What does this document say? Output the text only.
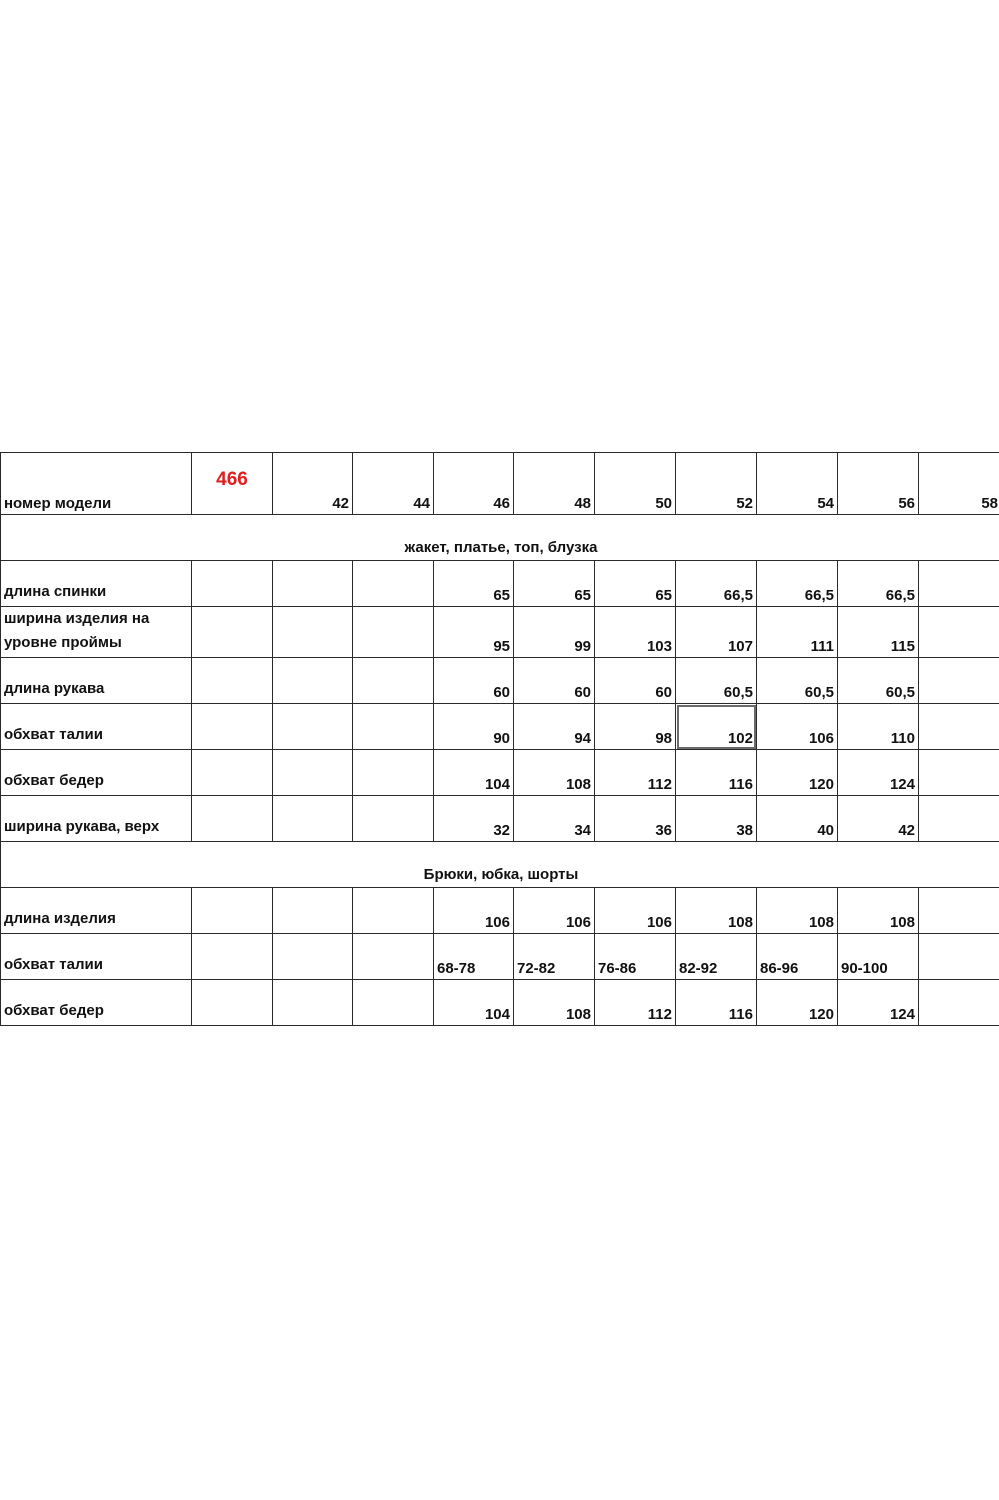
номер модели	466	42	44	46	48	50	52	54	56	58
жакет, платье, топ, блузка										
длина спинки				65	65	65	66,5	66,5	66,5	
ширина изделия на уровне проймы				95	99	103	107	111	115	
длина рукава				60	60	60	60,5	60,5	60,5	
обхват талии				90	94	98	102	106	110	
обхват бедер				104	108	112	116	120	124	
ширина рукава, верх				32	34	36	38	40	42	
Брюки, юбка, шорты										
длина изделия				106	106	106	108	108	108	
обхват талии				68-78	72-82	76-86	82-92	86-96	90-100	
обхват бедер				104	108	112	116	120	124	
